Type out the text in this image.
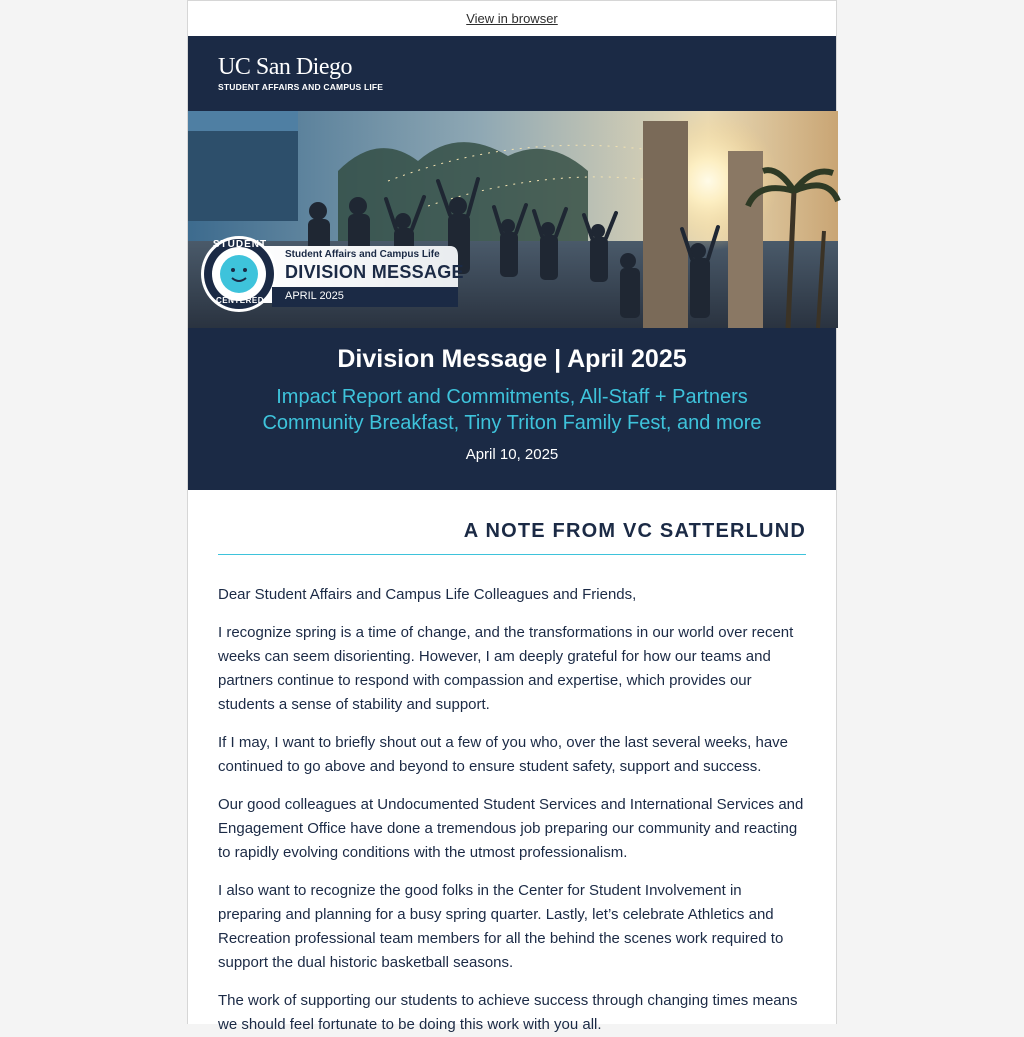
View in browser
UC San Diego
STUDENT AFFAIRS AND CAMPUS LIFE
STUDENT
CENTERED
Student Affairs and Campus Life
DIVISION MESSAGE
APRIL 2025
Division Message | April 2025
Impact Report and Commitments, All-Staff + Partners Community Breakfast, Tiny Triton Family Fest, and more
April 10, 2025
A NOTE FROM VC SATTERLUND

Dear Student Affairs and Campus Life Colleagues and Friends,

I recognize spring is a time of change, and the transformations in our world over recent weeks can seem disorienting. However, I am deeply grateful for how our teams and partners continue to respond with compassion and expertise, which provides our students a sense of stability and support.

If I may, I want to briefly shout out a few of you who, over the last several weeks, have continued to go above and beyond to ensure student safety, support and success.

Our good colleagues at Undocumented Student Services and International Services and Engagement Office have done a tremendous job preparing our community and reacting to rapidly evolving conditions with the utmost professionalism.

I also want to recognize the good folks in the Center for Student Involvement in preparing and planning for a busy spring quarter. Lastly, let’s celebrate Athletics and Recreation professional team members for all the behind the scenes work required to support the dual historic basketball seasons.

The work of supporting our students to achieve success through changing times means we should feel fortunate to be doing this work with you all.
